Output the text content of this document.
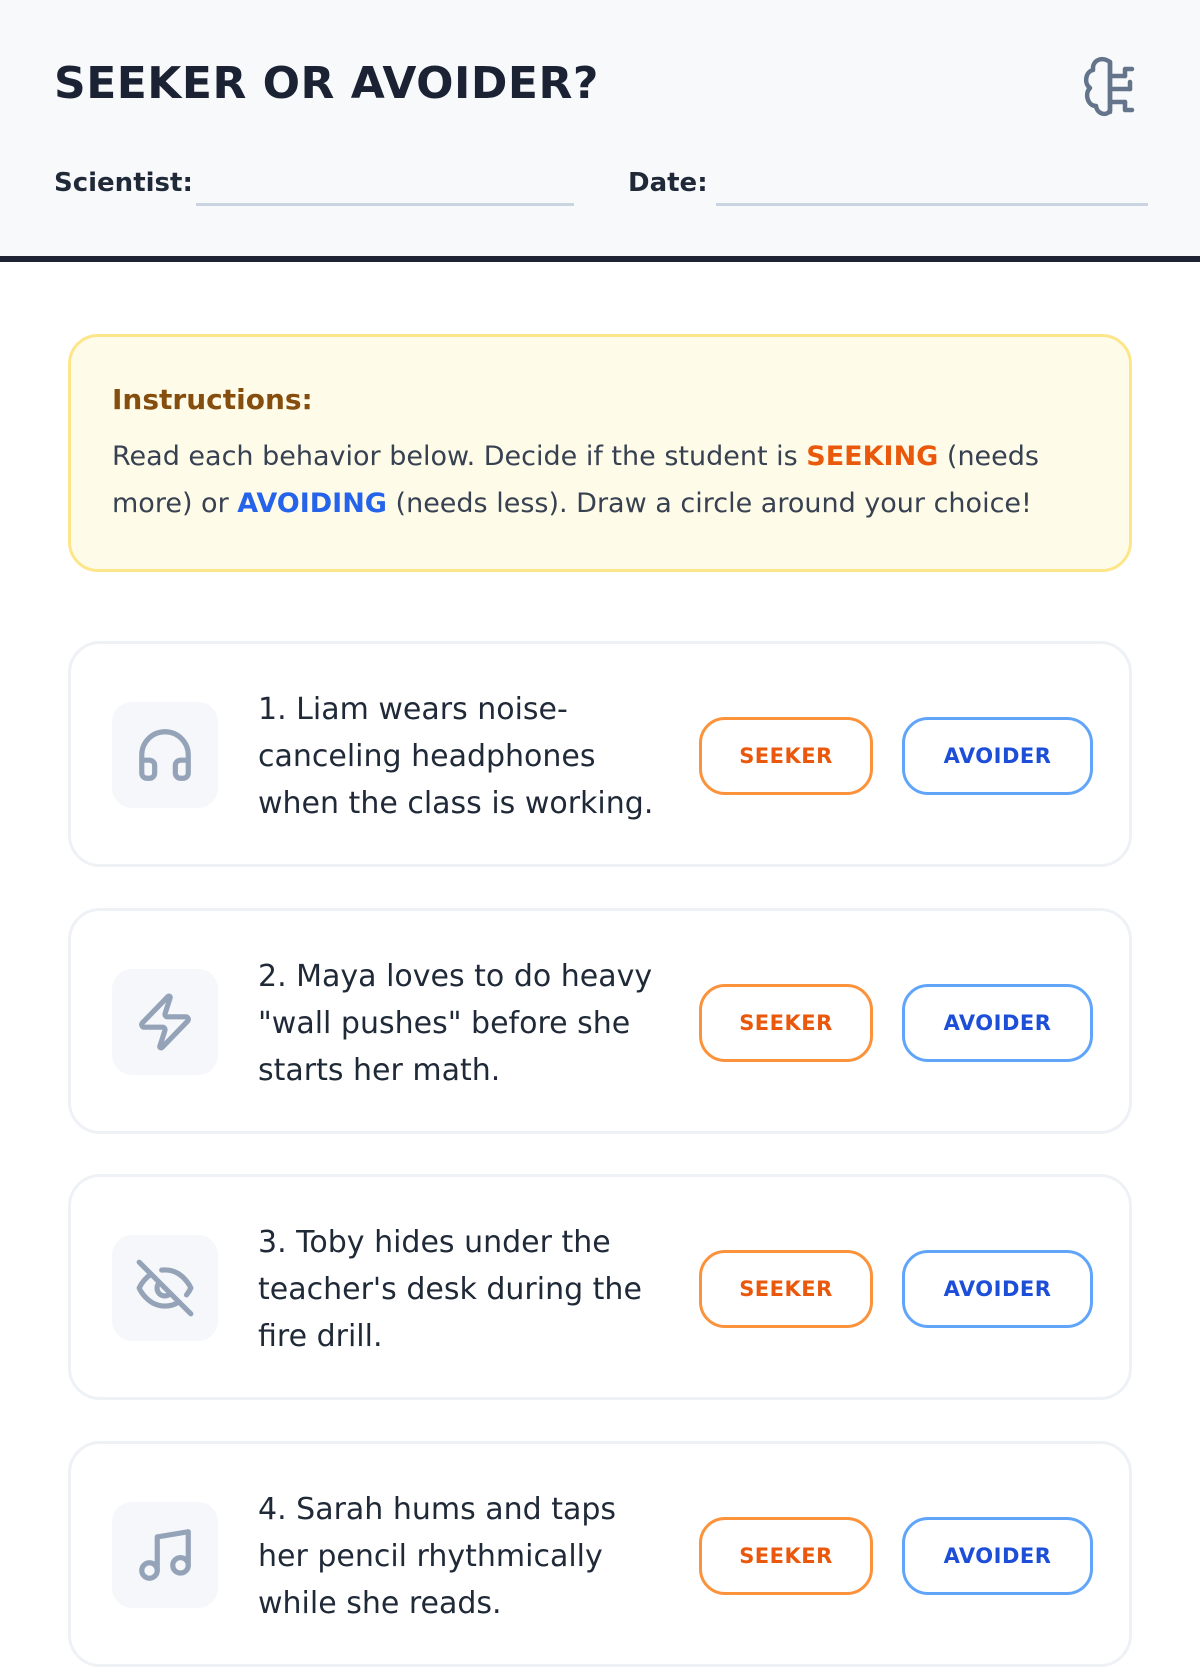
SEEKER OR AVOIDER?
Scientist:	Date:
Instructions:

Read each behavior below. Decide if the student is SEEKING (needs more) or AVOIDING (needs less). Draw a circle around your choice!

1. Liam wears noise-canceling headphones when the class is working.

SEEKER	AVOIDER

2. Maya loves to do heavy "wall pushes" before she starts her math.

SEEKER	AVOIDER

3. Toby hides under the teacher's desk during the fire drill.

SEEKER	AVOIDER

4. Sarah hums and taps her pencil rhythmically while she reads.

SEEKER	AVOIDER
